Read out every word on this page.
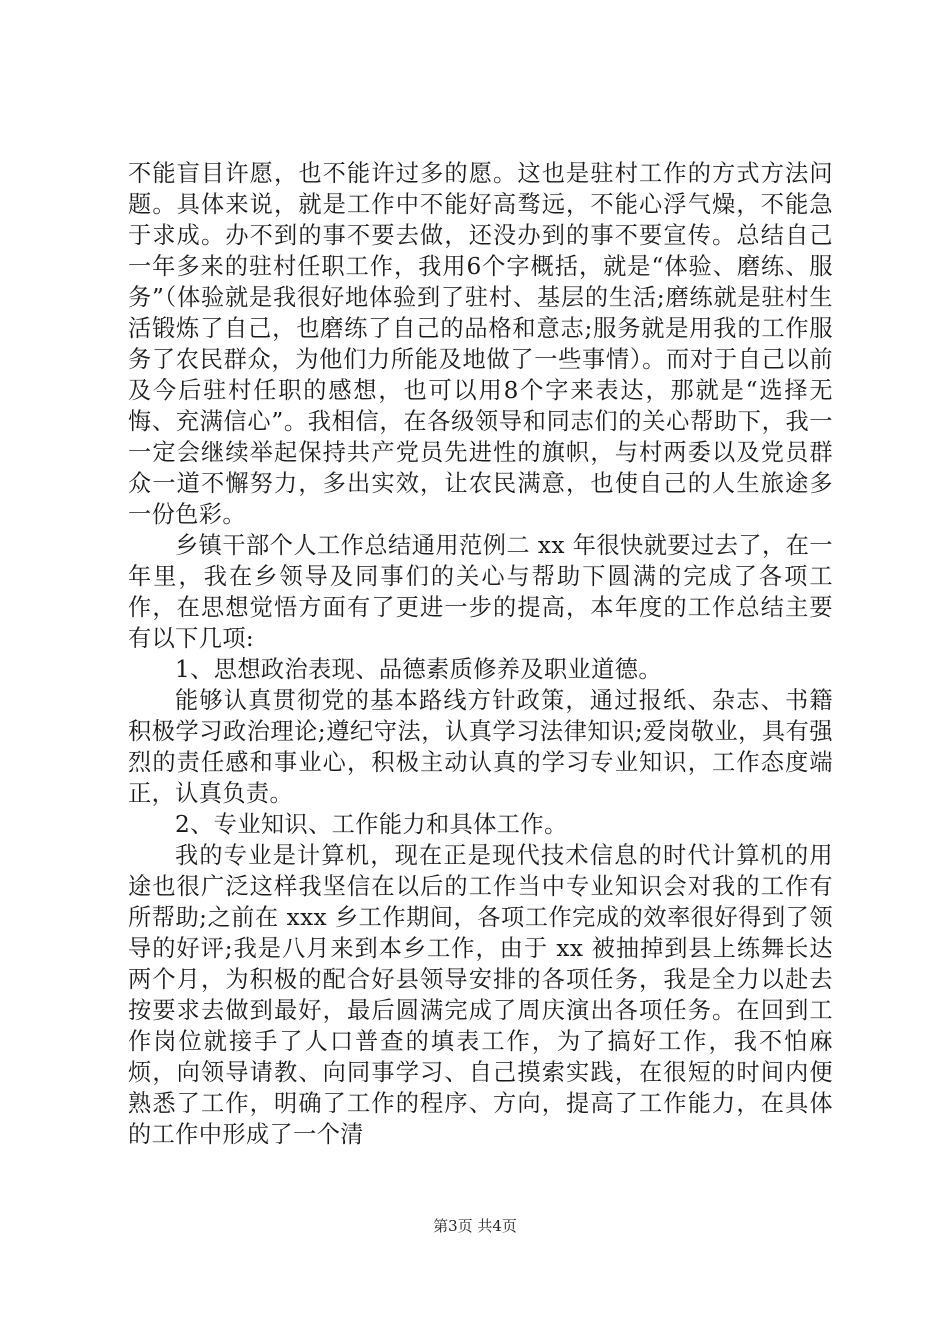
不能盲目许愿，也不能许过多的愿。这也是驻村工作的方式方法问题。具体来说，就是工作中不能好高骛远，不能心浮气燥，不能急于求成。办不到的事不要去做，还没办到的事不要宣传。总结自己一年多来的驻村任职工作，我用6个字概括，就是“体验、磨练、服务”（体验就是我很好地体验到了驻村、基层的生活;磨练就是驻村生活锻炼了自己，也磨练了自己的品格和意志;服务就是用我的工作服务了农民群众，为他们力所能及地做了一些事情）。而对于自己以前及今后驻村任职的感想，也可以用8个字来表达，那就是“选择无悔、充满信心”。我相信，在各级领导和同志们的关心帮助下，我一一定会继续举起保持共产党员先进性的旗帜，与村两委以及党员群众一道不懈努力，多出实效，让农民满意，也使自己的人生旅途多一份色彩。

乡镇干部个人工作总结通用范例二 xx 年很快就要过去了，在一年里，我在乡领导及同事们的关心与帮助下圆满的完成了各项工作，在思想觉悟方面有了更进一步的提高，本年度的工作总结主要有以下几项:

1、思想政治表现、品德素质修养及职业道德。

能够认真贯彻党的基本路线方针政策，通过报纸、杂志、书籍积极学习政治理论;遵纪守法，认真学习法律知识;爱岗敬业，具有强烈的责任感和事业心，积极主动认真的学习专业知识，工作态度端正，认真负责。

2、专业知识、工作能力和具体工作。

我的专业是计算机，现在正是现代技术信息的时代计算机的用途也很广泛这样我坚信在以后的工作当中专业知识会对我的工作有所帮助;之前在 xxx 乡工作期间，各项工作完成的效率很好得到了领导的好评;我是八月来到本乡工作，由于 xx 被抽掉到县上练舞长达两个月，为积极的配合好县领导安排的各项任务，我是全力以赴去按要求去做到最好，最后圆满完成了周庆演出各项任务。在回到工作岗位就接手了人口普查的填表工作，为了搞好工作，我不怕麻烦，向领导请教、向同事学习、自己摸索实践，在很短的时间内便熟悉了工作，明确了工作的程序、方向，提高了工作能力，在具体的工作中形成了一个清

第3页 共4页
